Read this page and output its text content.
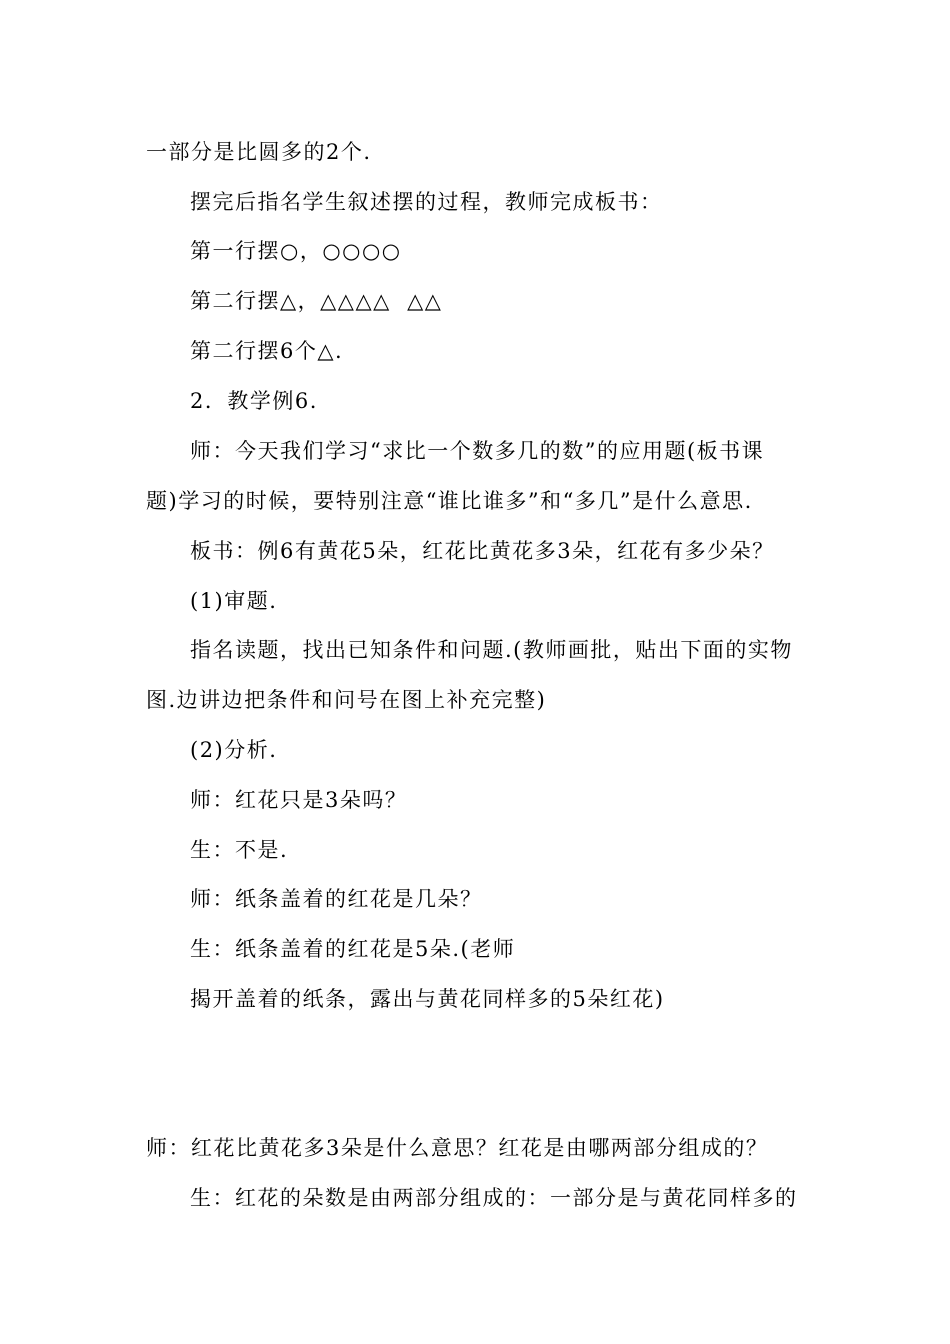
一部分是比圆多的2个.
摆完后指名学生叙述摆的过程，教师完成板书：
第一行摆○，○○○○
第二行摆△，△△△△  △△
第二行摆6个△.
2．教学例6.
师：今天我们学习“求比一个数多几的数”的应用题(板书课
题)学习的时候，要特别注意“谁比谁多”和“多几”是什么意思.
板书：例6有黄花5朵，红花比黄花多3朵，红花有多少朵？
(1)审题.
指名读题，找出已知条件和问题.(教师画批，贴出下面的实物
图.边讲边把条件和问号在图上补充完整)
(2)分析.
师：红花只是3朵吗？
生：不是.
师：纸条盖着的红花是几朵？
生：纸条盖着的红花是5朵.(老师
揭开盖着的纸条，露出与黄花同样多的5朵红花)
师：红花比黄花多3朵是什么意思？红花是由哪两部分组成的？
生：红花的朵数是由两部分组成的：一部分是与黄花同样多的
